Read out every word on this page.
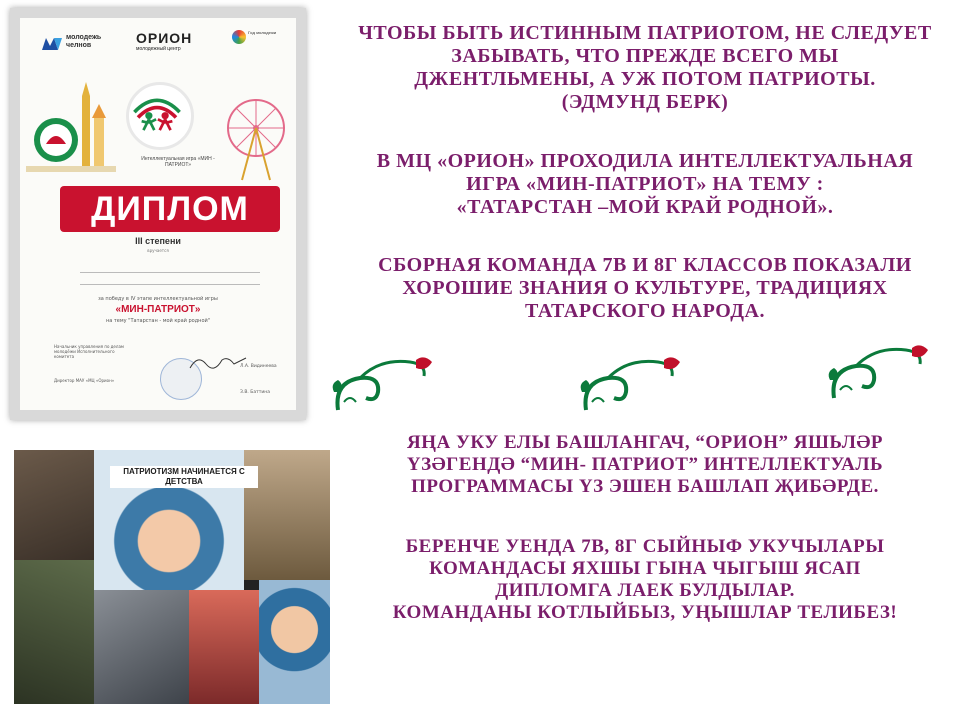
молодежь
челнов	ОРИОН
молодежный центр
Год молодежи
Интеллектуальная игра «МИН - ПАТРИОТ»
ДИПЛОМ
III степени
вручается
за победу в IV этапе интеллектуальной игры
«МИН-ПАТРИОТ»
на тему "Татарстан - мой край родной"
Начальник управления по делам молодёжи Исполнительного комитета
Л.А. Видинеева
Директор МАУ «МЦ «Орион»
З.В. Баттина
ПАТРИОТИЗМ НАЧИНАЕТСЯ С ДЕТСТВА

ЧТОБЫ БЫТЬ ИСТИННЫМ ПАТРИОТОМ, НЕ СЛЕДУЕТ

ЗАБЫВАТЬ, ЧТО ПРЕЖДЕ ВСЕГО МЫ

ДЖЕНТЛЬМЕНЫ, А УЖ ПОТОМ ПАТРИОТЫ.

(ЭДМУНД БЕРК)

В МЦ «ОРИОН» ПРОХОДИЛА ИНТЕЛЛЕКТУАЛЬНАЯ

ИГРА «МИН-ПАТРИОТ» НА ТЕМУ :

«ТАТАРСТАН –МОЙ КРАЙ РОДНОЙ».

СБОРНАЯ КОМАНДА 7В И 8Г КЛАССОВ ПОКАЗАЛИ

ХОРОШИЕ ЗНАНИЯ О КУЛЬТУРЕ, ТРАДИЦИЯХ

ТАТАРСКОГО НАРОДА.

ЯҢА УКУ ЕЛЫ БАШЛАНГАЧ, “ОРИОН” ЯШЬЛӘР

ҮЗӘГЕНДӘ “МИН- ПАТРИОТ” ИНТЕЛЛЕКТУАЛЬ

ПРОГРАММАСЫ ҮЗ ЭШЕН БАШЛАП ҖИБӘРДЕ.

БЕРЕНЧЕ УЕНДА 7В, 8Г СЫЙНЫФ УКУЧЫЛАРЫ

КОМАНДАСЫ ЯХШЫ ГЫНА ЧЫГЫШ ЯСАП

ДИПЛОМГА ЛАЕК БУЛДЫЛАР.

КОМАНДАНЫ КОТЛЫЙБЫЗ, УҢЫШЛАР ТЕЛИБЕЗ!
